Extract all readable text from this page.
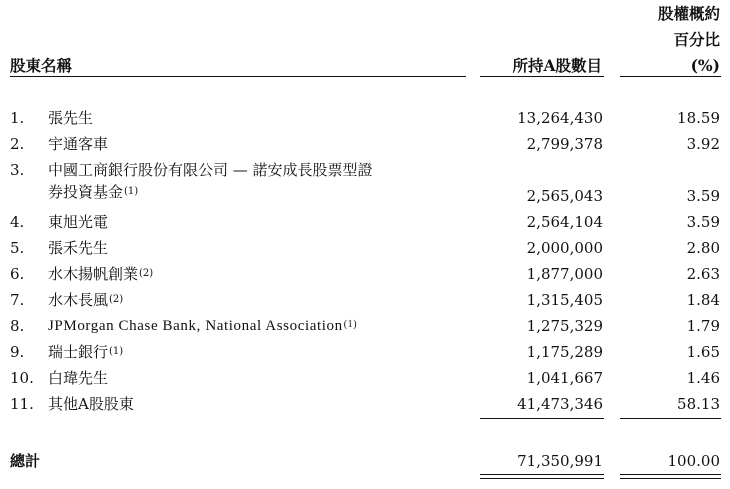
股權概約
百分比
股東名稱	所持A股數目	(%)
1. 張先生	13,264,430	18.59
2. 宇通客車	2,799,378	3.92
3. 中國工商銀行股份有限公司 — 諾安成長股票型證
券投資基金$^{(1)}$	2,565,043	3.59
4. 東旭光電	2,564,104	3.59
5. 張禾先生	2,000,000	2.80
6. 水木揚帆創業$^{(2)}$	1,877,000	2.63
7. 水木長風$^{(2)}$	1,315,405	1.84
8. JPMorgan Chase Bank, National Association$^{(1)}$	1,275,329	1.79
9. 瑞士銀行$^{(1)}$	1,175,289	1.65
10. 白瑋先生	1,041,667	1.46
11. 其他A股股東	41,473,346	58.13
總計	71,350,991	100.00
